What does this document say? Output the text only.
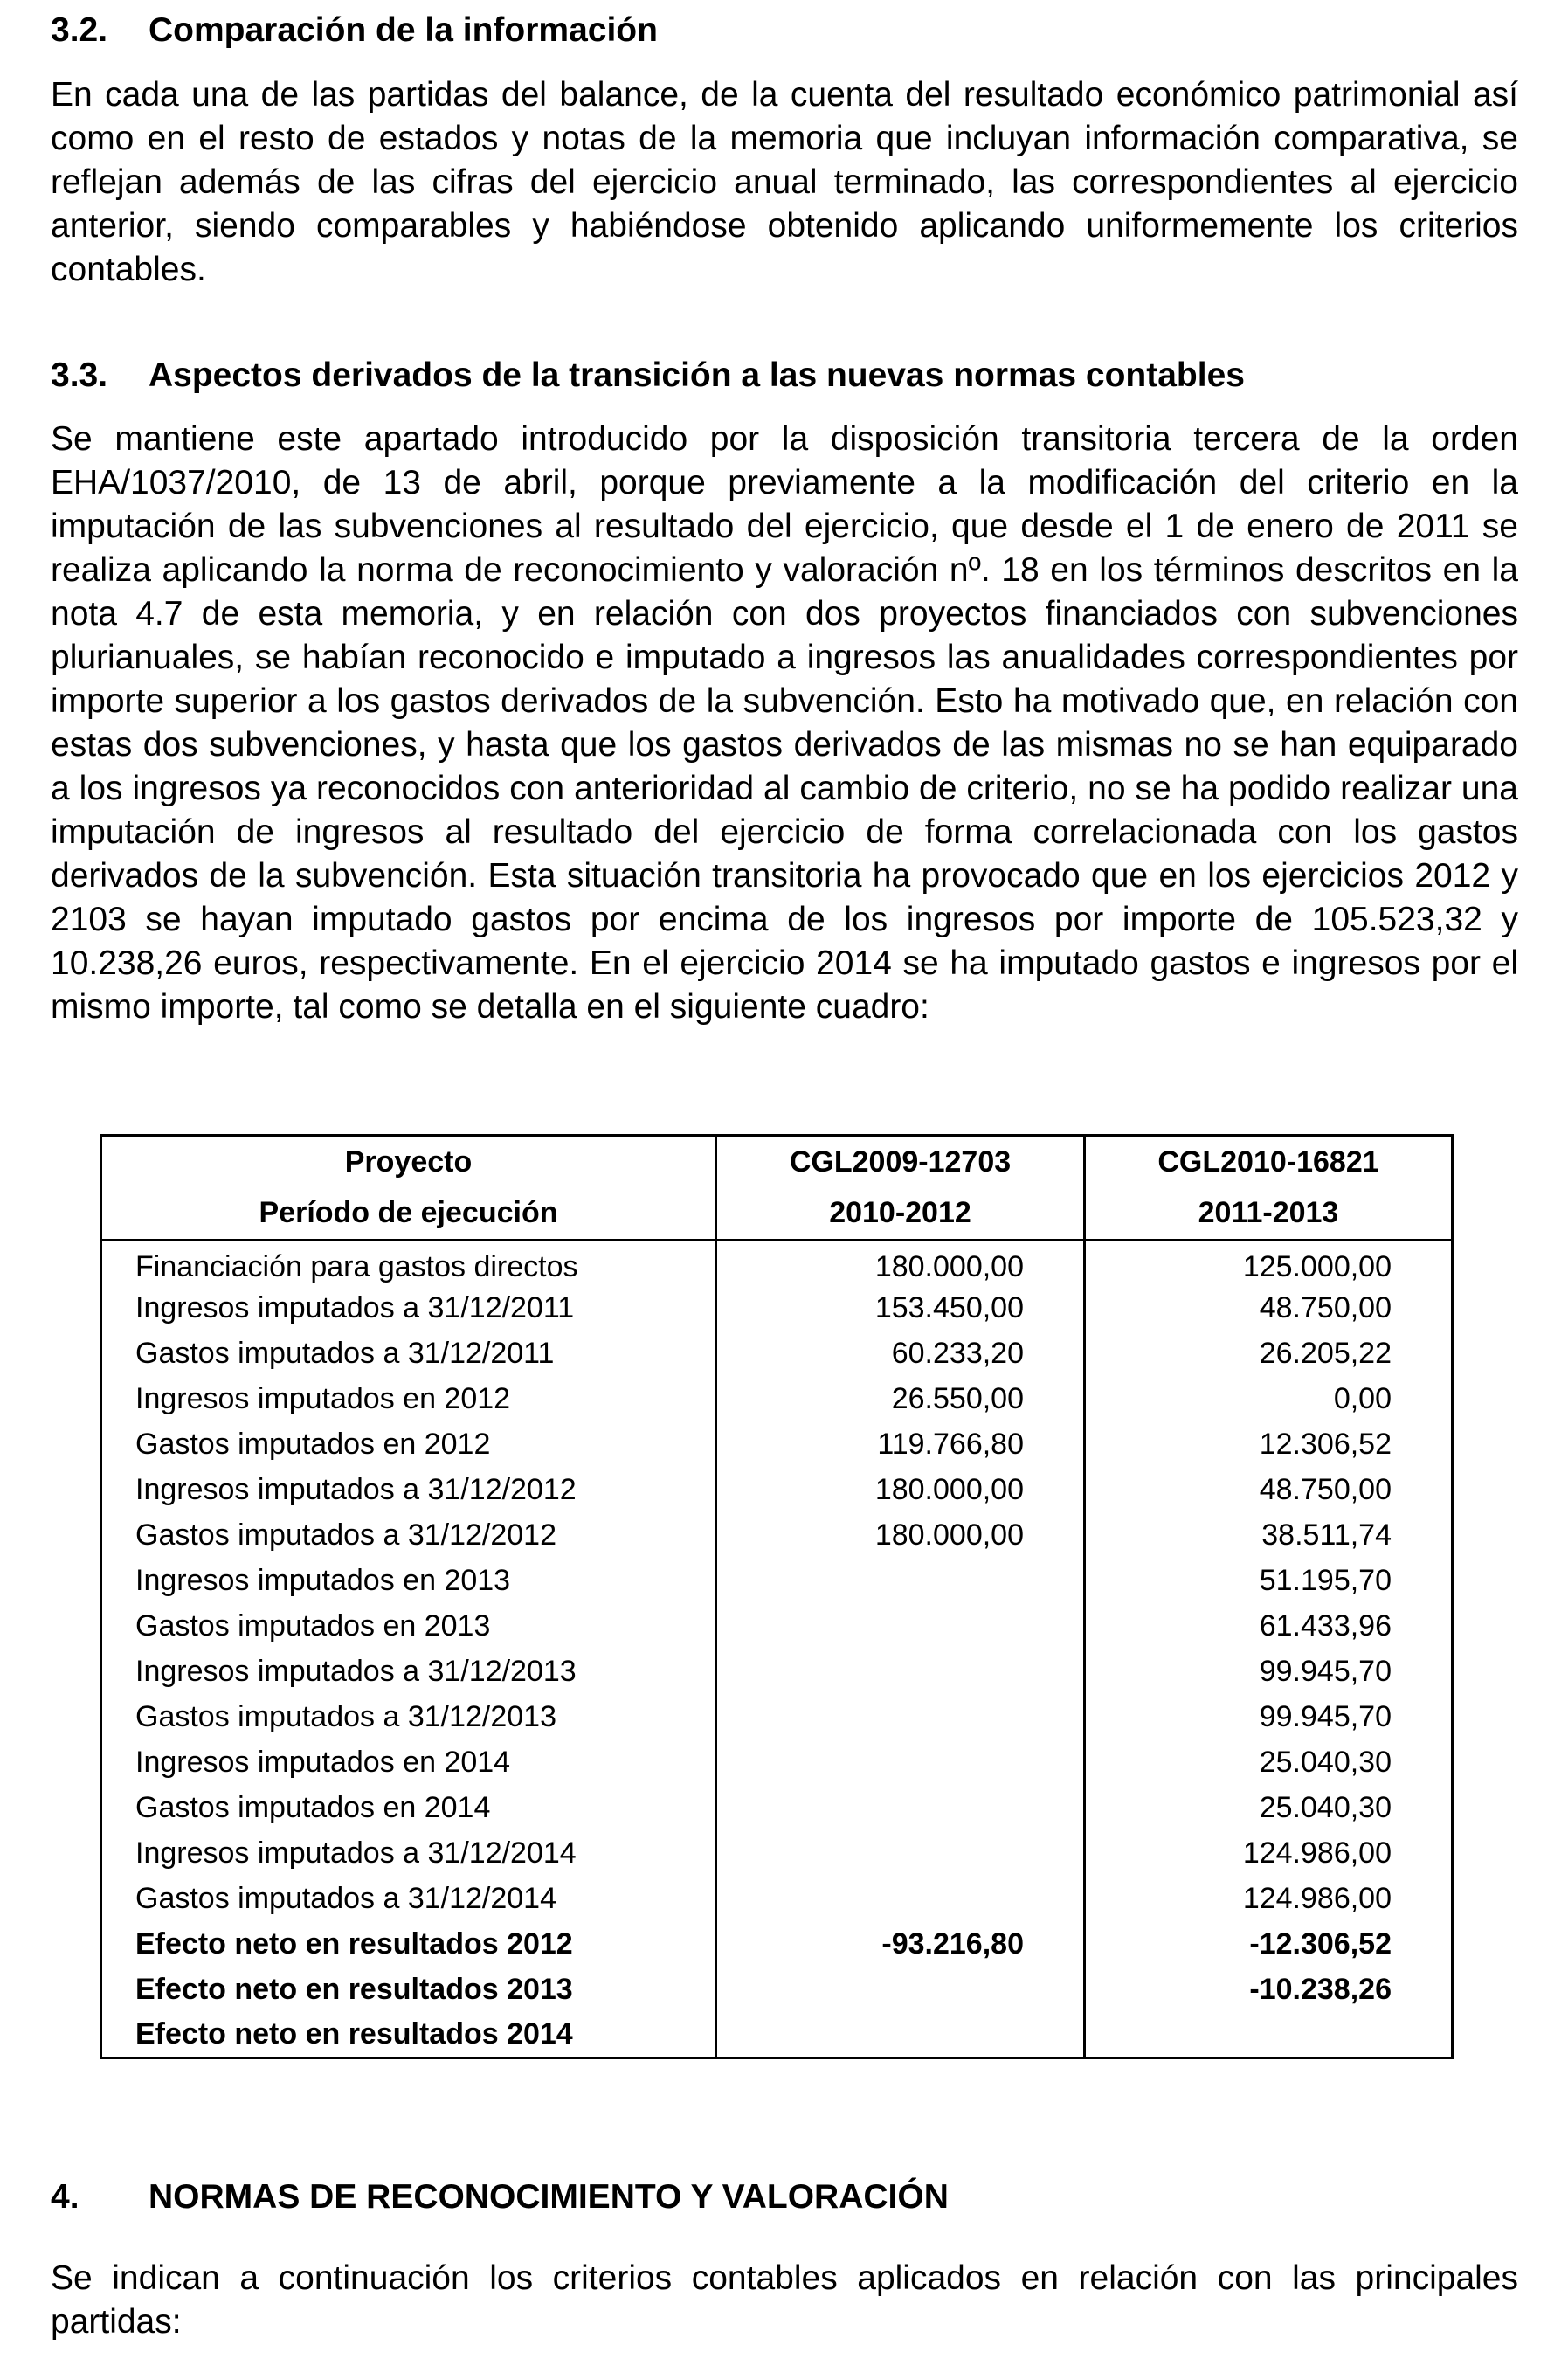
3.2.	Comparación de la información

En cada una de las partidas del balance, de la cuenta del resultado económico patrimonial así como en el resto de estados y notas de la memoria que incluyan información comparativa, se reflejan además de las cifras del ejercicio anual terminado, las correspondientes al ejercicio anterior, siendo comparables y habiéndose obtenido aplicando uniformemente los criterios contables.

3.3.	Aspectos derivados de la transición a las nuevas normas contables

Se mantiene este apartado introducido por la disposición transitoria tercera de la orden EHA/1037/2010, de 13 de abril, porque previamente a la modificación del criterio en la imputación de las subvenciones al resultado del ejercicio, que desde el 1 de enero de 2011 se realiza aplicando la norma de reconocimiento y valoración nº. 18 en los términos descritos en la nota 4.7 de esta memoria, y en relación con dos proyectos financiados con subvenciones plurianuales, se habían reconocido e imputado a ingresos las anualidades correspondientes por importe superior a los gastos derivados de la subvención. Esto ha motivado que, en relación con estas dos subvenciones, y hasta que los gastos derivados de las mismas no se han equiparado a los ingresos ya reconocidos con anterioridad al cambio de criterio, no se ha podido realizar una imputación de ingresos al resultado del ejercicio de forma correlacionada con los gastos derivados de la subvención. Esta situación transitoria ha provocado que en los ejercicios 2012 y 2103 se hayan imputado gastos por encima de los ingresos por importe de 105.523,32 y 10.238,26 euros, respectivamente. En el ejercicio 2014 se ha imputado gastos e ingresos por el mismo importe, tal como se detalla en el siguiente cuadro:

Proyecto	CGL2009-12703	CGL2010-16821
Período de ejecución	2010-2012	2011-2013
Financiación para gastos directos	180.000,00	125.000,00
Ingresos imputados a 31/12/2011	153.450,00	48.750,00
Gastos imputados a 31/12/2011	60.233,20	26.205,22
Ingresos imputados en 2012	26.550,00	0,00
Gastos imputados en 2012	119.766,80	12.306,52
Ingresos imputados a 31/12/2012	180.000,00	48.750,00
Gastos imputados a 31/12/2012	180.000,00	38.511,74
Ingresos imputados en 2013		51.195,70
Gastos imputados en 2013		61.433,96
Ingresos imputados a 31/12/2013		99.945,70
Gastos imputados a 31/12/2013		99.945,70
Ingresos imputados en 2014		25.040,30
Gastos imputados en 2014		25.040,30
Ingresos imputados a 31/12/2014		124.986,00
Gastos imputados a 31/12/2014		124.986,00
Efecto neto en resultados 2012	-93.216,80	-12.306,52
Efecto neto en resultados 2013		-10.238,26
Efecto neto en resultados 2014		
4.	NORMAS DE RECONOCIMIENTO Y VALORACIÓN

Se indican a continuación los criterios contables aplicados en relación con las principales partidas:
